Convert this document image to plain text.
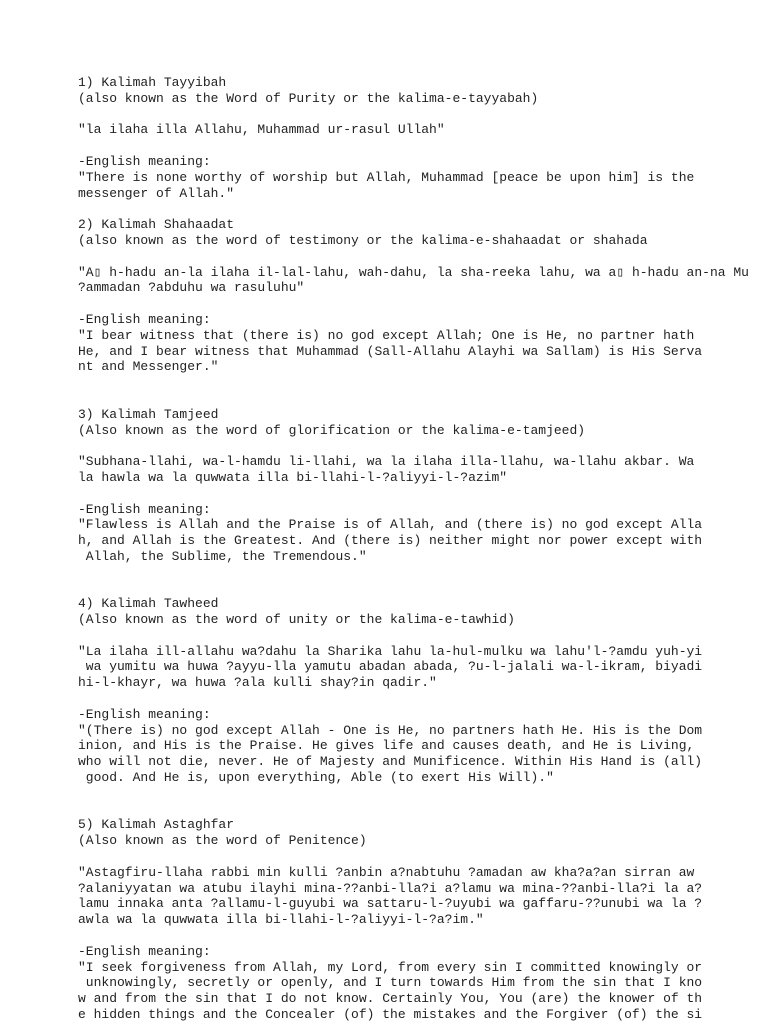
1) Kalimah Tayyibah
(also known as the Word of Purity or the kalima-e-tayyabah)
"la ilaha illa Allahu, Muhammad ur-rasul Ullah"
-English meaning:
"There is none worthy of worship but Allah, Muhammad [peace be upon him] is the
messenger of Allah."
2) Kalimah Shahaadat
(also known as the word of testimony or the kalima-e-shahaadat or shahada
"A▯ h-hadu an-la ilaha il-lal-lahu, wah-dahu, la sha-reeka lahu, wa a▯ h-hadu an-na Mu
?ammadan ?abduhu wa rasuluhu"
-English meaning:
"I bear witness that (there is) no god except Allah; One is He, no partner hath
He, and I bear witness that Muhammad (Sall-Allahu Alayhi wa Sallam) is His Serva
nt and Messenger."
3) Kalimah Tamjeed
(Also known as the word of glorification or the kalima-e-tamjeed)
"Subhana-llahi, wa-l-hamdu li-llahi, wa la ilaha illa-llahu, wa-llahu akbar. Wa
la hawla wa la quwwata illa bi-llahi-l-?aliyyi-l-?azim"
-English meaning:
"Flawless is Allah and the Praise is of Allah, and (there is) no god except Alla
h, and Allah is the Greatest. And (there is) neither might nor power except with
Allah, the Sublime, the Tremendous."
4) Kalimah Tawheed
(Also known as the word of unity or the kalima-e-tawhid)
"La ilaha ill-allahu wa?dahu la Sharika lahu la-hul-mulku wa lahu'l-?amdu yuh-yi
wa yumitu wa huwa ?ayyu-lla yamutu abadan abada, ?u-l-jalali wa-l-ikram, biyadi
hi-l-khayr, wa huwa ?ala kulli shay?in qadir."
-English meaning:
"(There is) no god except Allah - One is He, no partners hath He. His is the Dom
inion, and His is the Praise. He gives life and causes death, and He is Living,
who will not die, never. He of Majesty and Munificence. Within His Hand is (all)
good. And He is, upon everything, Able (to exert His Will)."
5) Kalimah Astaghfar
(Also known as the word of Penitence)
"Astagfiru-llaha rabbi min kulli ?anbin a?nabtuhu ?amadan aw kha?a?an sirran aw
?alaniyyatan wa atubu ilayhi mina-??anbi-lla?i a?lamu wa mina-??anbi-lla?i la a?
lamu innaka anta ?allamu-l-guyubi wa sattaru-l-?uyubi wa gaffaru-??unubi wa la ?
awla wa la quwwata illa bi-llahi-l-?aliyyi-l-?a?im."
-English meaning:
"I seek forgiveness from Allah, my Lord, from every sin I committed knowingly or
unknowingly, secretly or openly, and I turn towards Him from the sin that I kno
w and from the sin that I do not know. Certainly You, You (are) the knower of th
e hidden things and the Concealer (of) the mistakes and the Forgiver (of) the si
